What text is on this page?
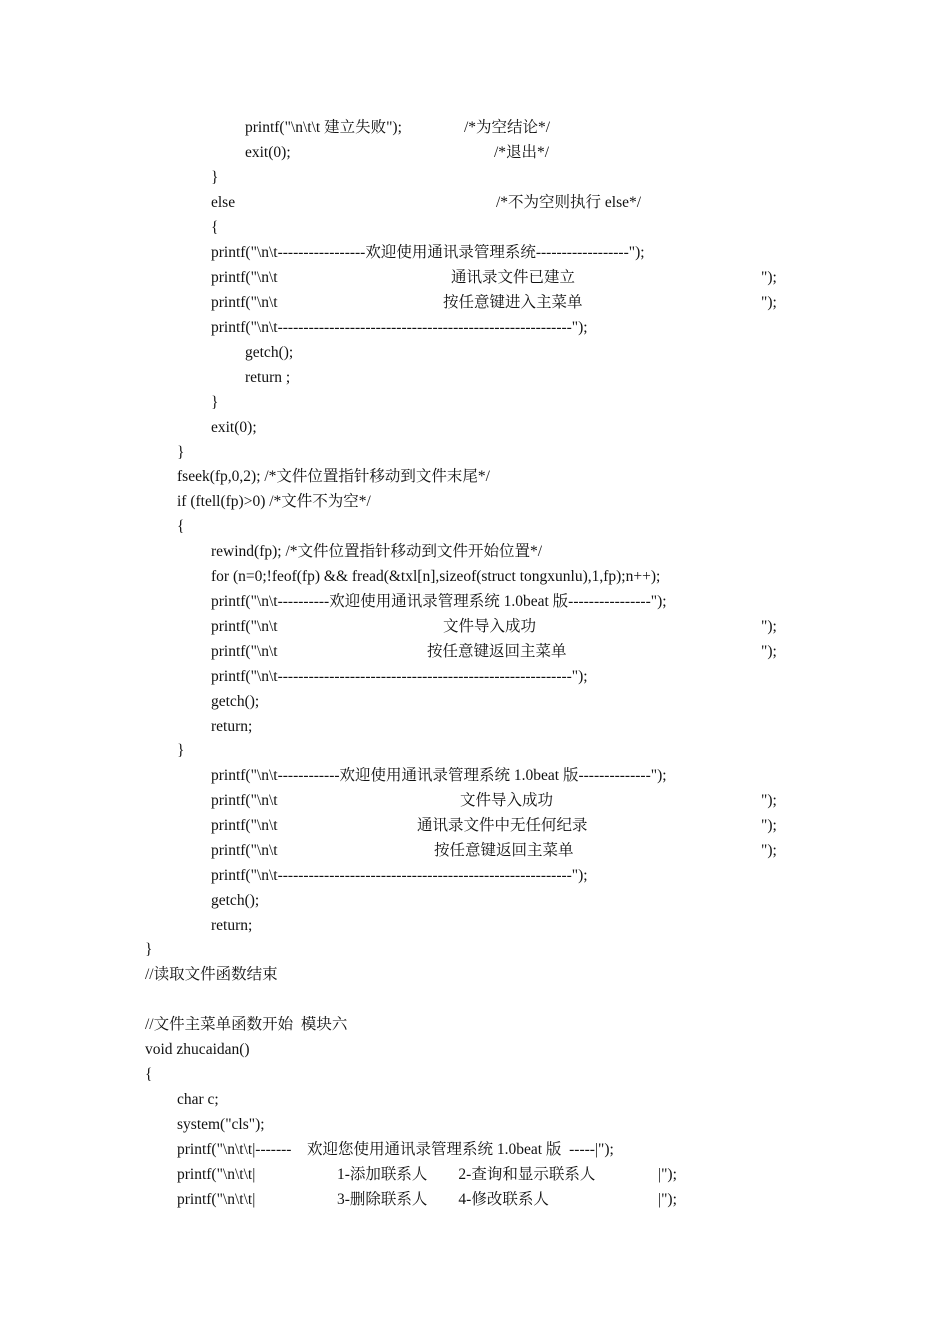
printf("\n\t\t 建立失败");	/*为空结论*/
exit(0);	/*退出*/
}
else	/*不为空则执行 else*/
{
printf("\n\t-----------------欢迎使用通讯录管理系统------------------");
printf("\n\t	通讯录文件已建立	");
printf("\n\t	按任意键进入主菜单	");
printf("\n\t---------------------------------------------------------");
getch();
return ;
}
exit(0);
}
fseek(fp,0,2); /*文件位置指针移动到文件末尾*/
if (ftell(fp)>0) /*文件不为空*/
{
rewind(fp); /*文件位置指针移动到文件开始位置*/
for (n=0;!feof(fp) && fread(&txl[n],sizeof(struct tongxunlu),1,fp);n++);
printf("\n\t----------欢迎使用通讯录管理系统 1.0beat 版----------------");
printf("\n\t	文件导入成功	");
printf("\n\t	按任意键返回主菜单	");
printf("\n\t---------------------------------------------------------");
getch();
return;
}
printf("\n\t------------欢迎使用通讯录管理系统 1.0beat 版--------------");
printf("\n\t	文件导入成功	");
printf("\n\t	通讯录文件中无任何纪录	");
printf("\n\t	按任意键返回主菜单	");
printf("\n\t---------------------------------------------------------");
getch();
return;
}
//读取文件函数结束
//文件主菜单函数开始  模块六
void zhucaidan()
{
char c;
system("cls");
printf("\n\t\t|-------    欢迎您使用通讯录管理系统 1.0beat 版  -----|");
printf("\n\t\t|	1-添加联系人        2-查询和显示联系人	|");
printf("\n\t\t|	3-删除联系人        4-修改联系人	|");
